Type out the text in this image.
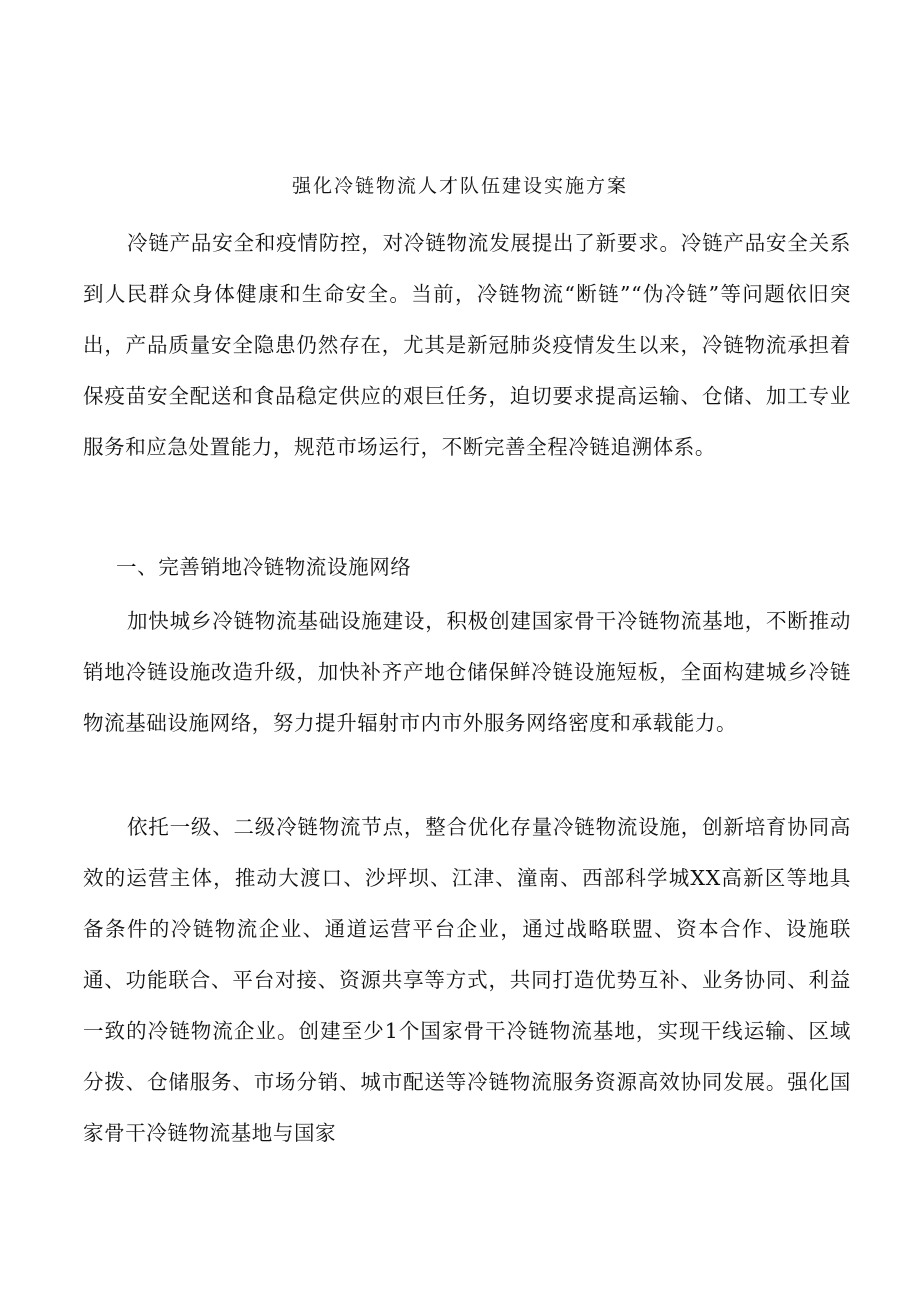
强化冷链物流人才队伍建设实施方案

冷链产品安全和疫情防控，对冷链物流发展提出了新要求。冷链产品安全关系到人民群众身体健康和生命安全。当前，冷链物流“断链”“伪冷链”等问题依旧突出，产品质量安全隐患仍然存在，尤其是新冠肺炎疫情发生以来，冷链物流承担着保疫苗安全配送和食品稳定供应的艰巨任务，迫切要求提高运输、仓储、加工专业服务和应急处置能力，规范市场运行，不断完善全程冷链追溯体系。

一、完善销地冷链物流设施网络

加快城乡冷链物流基础设施建设，积极创建国家骨干冷链物流基地，不断推动销地冷链设施改造升级，加快补齐产地仓储保鲜冷链设施短板，全面构建城乡冷链物流基础设施网络，努力提升辐射市内市外服务网络密度和承载能力。

依托一级、二级冷链物流节点，整合优化存量冷链物流设施，创新培育协同高效的运营主体，推动大渡口、沙坪坝、江津、潼南、西部科学城XX高新区等地具备条件的冷链物流企业、通道运营平台企业，通过战略联盟、资本合作、设施联通、功能联合、平台对接、资源共享等方式，共同打造优势互补、业务协同、利益一致的冷链物流企业。创建至少1个国家骨干冷链物流基地，实现干线运输、区域分拨、仓储服务、市场分销、城市配送等冷链物流服务资源高效协同发展。强化国家骨干冷链物流基地与国家
